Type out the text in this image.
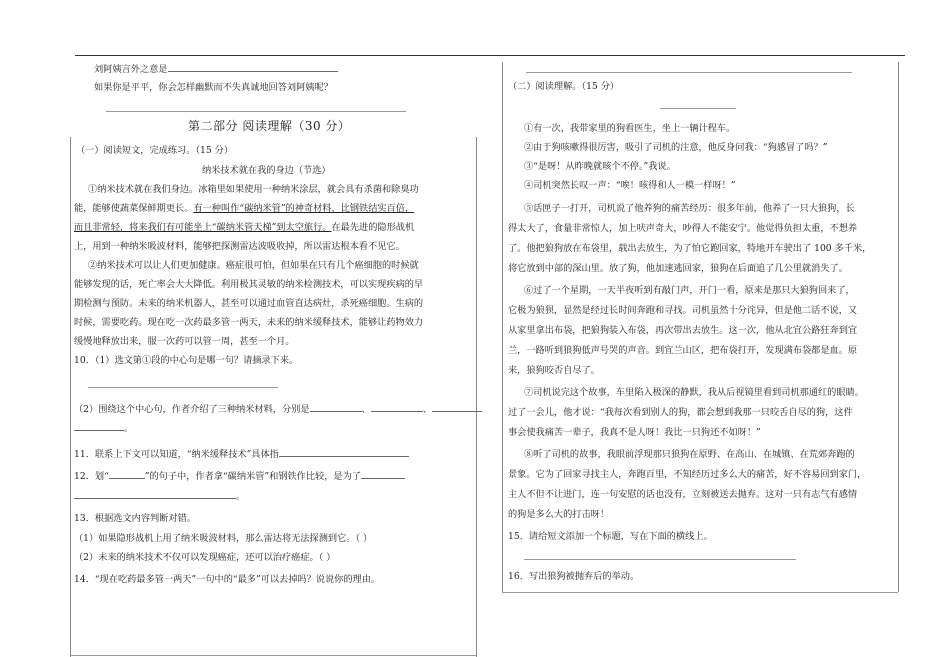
刘阿姨言外之意是
如果你是平平，你会怎样幽默而不失真诚地回答刘阿姨呢？
第二部分 阅读理解（30 分）
（一）阅读短文，完成练习。（15 分）
纳米技术就在我的身边（节选）
①纳米技术就在我们身边。冰箱里如果使用一种纳米涂层，就会具有杀菌和除臭功
能，能够使蔬菜保鲜期更长。有一种叫作“碳纳米管”的神奇材料，比钢铁结实百倍，
而且非常轻，将来我们有可能坐上“碳纳米管天梯”到太空旅行。在最先进的隐形战机
上，用到一种纳米吸波材料，能够把探测雷达波吸收掉，所以雷达根本看不见它。
②纳米技术可以让人们更加健康。癌症很可怕，但如果在只有几个癌细胞的时候就
能够发现的话，死亡率会大大降低。利用极其灵敏的纳米检测技术，可以实现疾病的早
期检测与预防。未来的纳米机器人，甚至可以通过血管直达病灶，杀死癌细胞。生病的
时候，需要吃药。现在吃一次药最多管一两天，未来的纳米缓释技术，能够让药物效力
缓慢地释放出来，服一次药可以管一周，甚至一个月。
10．（1）选文第①段的中心句是哪一句？请摘录下来。
（2）围绕这个中心句，作者介绍了三种纳米材料，分别是	、	、
。
11．联系上下文可以知道，“纳米缓释技术”具体指
12．划“	”的句子中，作者拿“碳纳米管”和钢铁作比较，是为了
。
13．根据选文内容判断对错。
（1）如果隐形战机上用了纳米吸波材料，那么雷达将无法探测到它。（ ）
（2）未来的纳米技术不仅可以发现癌症，还可以治疗癌症。（ ）
14．“现在吃药最多管一两天”一句中的“最多”可以去掉吗？说说你的理由。
（二）阅读理解。（15 分）
①有一次，我带家里的狗看医生，坐上一辆计程车。
②由于狗咳嗽得很厉害，吸引了司机的注意，他反身问我：“狗感冒了吗？”
③“是呀！从昨晚就咳个不停。”我说。
④司机突然长叹一声：“唉！咳得和人一模一样呀！”
⑤话匣子一打开，司机说了他养狗的痛苦经历：很多年前，他养了一只大狼狗，长
得太大了，食量非常惊人，加上吠声奇大，吵得人不能安宁。他觉得负担太重，不想养
了。他把狼狗放在布袋里，载出去放生，为了怕它跑回家，特地开车驶出了 100 多千米，
将它放到中部的深山里。放了狗，他加速逃回家，狼狗在后面追了几公里就消失了。
⑥过了一个星期，一天半夜听到有敲门声，开门一看，原来是那只大狼狗回来了，
它极为狼狈，显然是经过长时间奔跑和寻找。司机虽然十分诧异，但是他二话不说，又
从家里拿出布袋，把狼狗装入布袋，再次带出去放生。这一次，他从北宜公路狂奔到宜
兰，一路听到狼狗低声号哭的声音。到宜兰山区，把布袋打开，发现满布袋都是血。原
来，狼狗咬否自尽了。
⑦司机说完这个故事，车里陷入极深的静默，我从后视镜里看到司机那通红的眼睛。
过了一会儿，他才说：“我每次看到别人的狗，都会想到我那一只咬舌自尽的狗，这件
事会使我痛苦一辈子，我真不是人呀！我比一只狗还不如呀！”
⑧听了司机的故事，我眼前浮现那只狼狗在原野、在高山、在城镇、在荒郊奔跑的
景象。它为了回家寻找主人，奔跑百里，不知经历过多么大的痛苦，好不容易回到家门，
主人不但不让进门，连一句安慰的话也没有，立刻被送去抛弃。这对一只有志气有感情
的狗是多么大的打击呀！
15．请给短文添加一个标题，写在下面的横线上。
16．写出狼狗被抛弃后的举动。
